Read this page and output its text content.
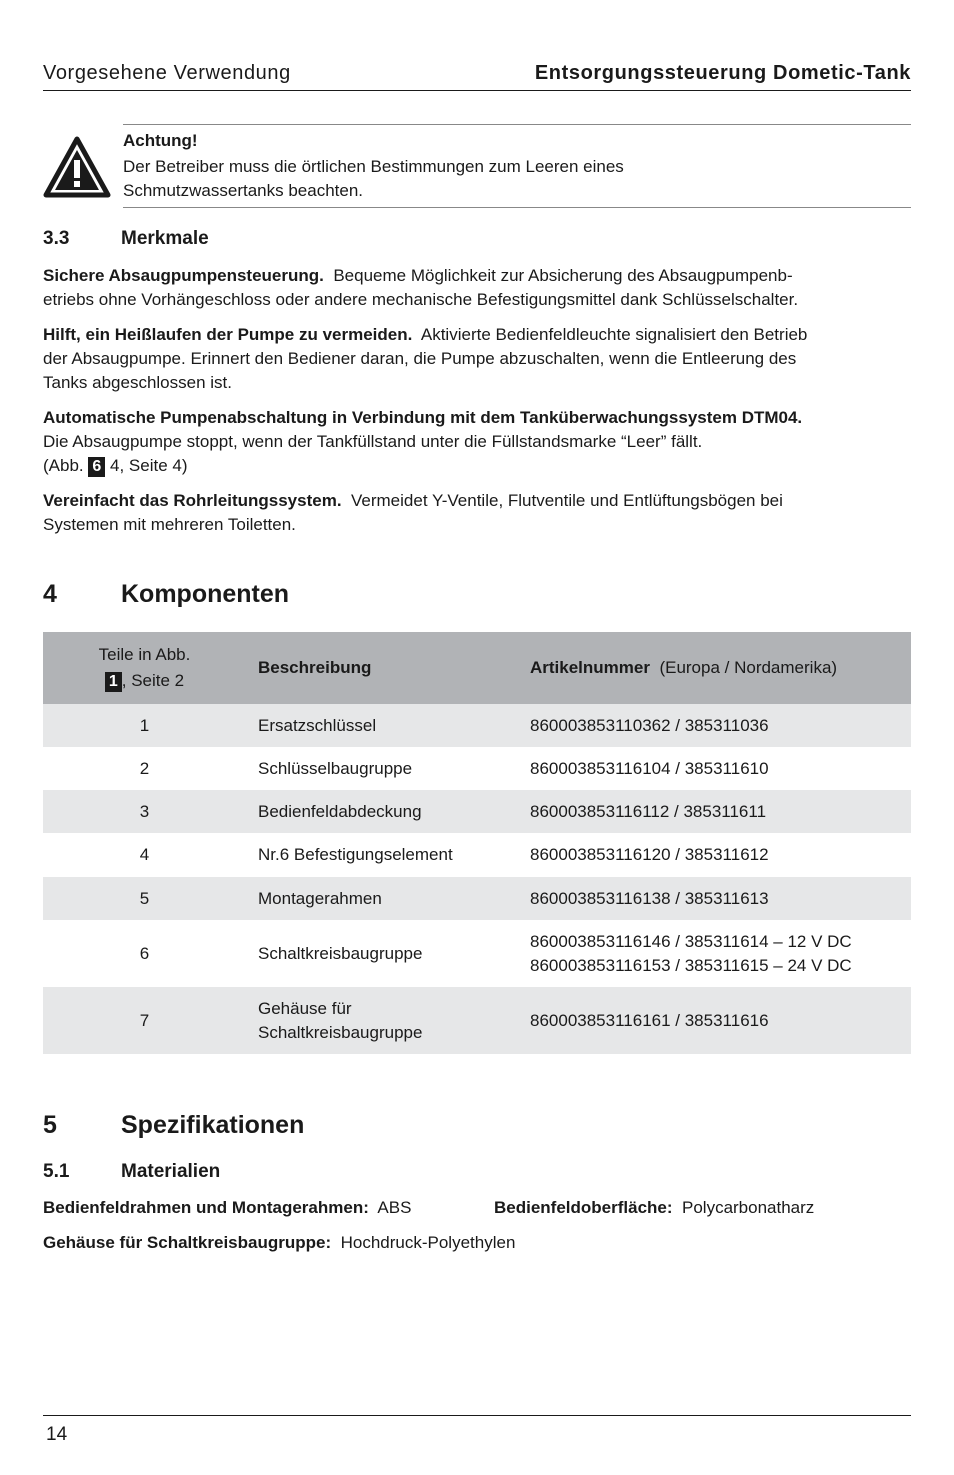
Vorgesehene Verwendung	Entsorgungssteuerung Dometic-Tank
Achtung!
Der Betreiber muss die örtlichen Bestimmungen zum Leeren eines
Schmutzwassertanks beachten.
3.3	Merkmale
Sichere Absaugpumpensteuerung. Bequeme Möglichkeit zur Absicherung des Absaugpumpenb-
etriebs ohne Vorhängeschloss oder andere mechanische Befestigungsmittel dank Schlüsselschalter.
Hilft, ein Heißlaufen der Pumpe zu vermeiden. Aktivierte Bedienfeldleuchte signalisiert den Betrieb
der Absaugpumpe. Erinnert den Bediener daran, die Pumpe abzuschalten, wenn die Entleerung des
Tanks abgeschlossen ist.
Automatische Pumpenabschaltung in Verbindung mit dem Tanküberwachungssystem DTM04.
Die Absaugpumpe stoppt, wenn der Tankfüllstand unter die Füllstandsmarke “Leer” fällt.
(Abb. 6 4, Seite 4)
Vereinfacht das Rohrleitungssystem. Vermeidet Y-Ventile, Flutventile und Entlüftungsbögen bei
Systemen mit mehreren Toiletten.
4	Komponenten
Teile in Abb.
1 , Seite 2	Beschreibung	Artikelnummer (Europa / Nordamerika)
1	Ersatzschlüssel	860003853110362 / 385311036

2	Schlüsselbaugruppe	860003853116104 / 385311610

3	Bedienfeldabdeckung	860003853116112 / 385311611

4	Nr.6 Befestigungselement	860003853116120 / 385311612

5	Montagerahmen	860003853116138 / 385311613

6	Schaltkreisbaugruppe	860003853116146 / 385311614 – 12 V DC
860003853116153 / 385311615 – 24 V DC

7	Gehäuse für
Schaltkreisbaugruppe	860003853116161 / 385311616
5	Spezifikationen
5.1	Materialien
Bedienfeldrahmen und Montagerahmen: ABS	Bedienfeldoberfläche: Polycarbonatharz
Gehäuse für Schaltkreisbaugruppe: Hochdruck-Polyethylen
14
